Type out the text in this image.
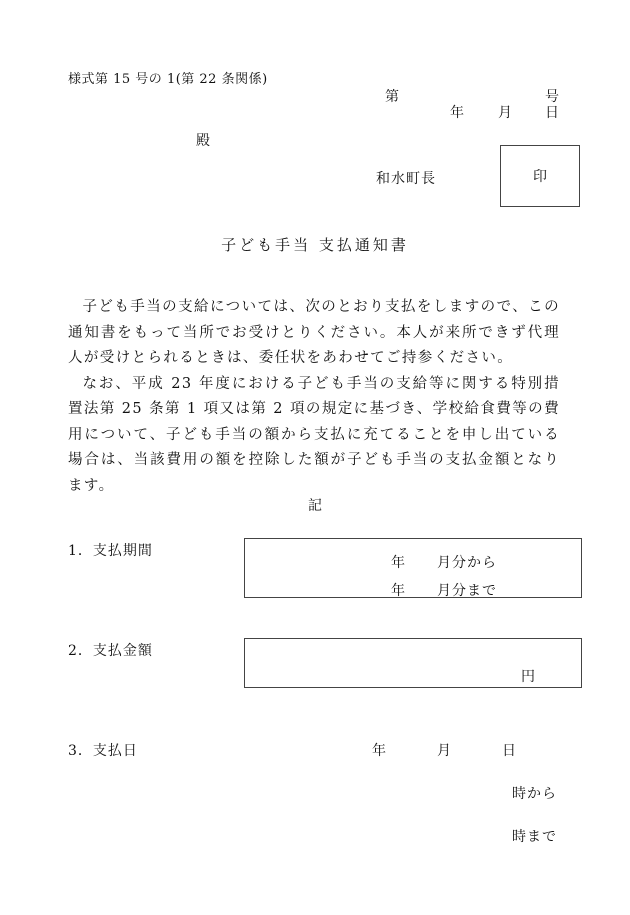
様式第 15 号の 1(第 22 条関係)
第	号
年 月 日
殿
和水町長	印
子ども手当 支払通知書

子ども手当の支給については、次のとおり支払をしますので、この通知書をもって当所でお受けとりください。本人が来所できず代理人が受けとられるときは、委任状をあわせてご持参ください。

なお、平成 23 年度における子ども手当の支給等に関する特別措置法第 25 条第 1 項又は第 2 項の規定に基づき、学校給食費等の費用について、子ども手当の額から支払に充てることを申し出ている場合は、当該費用の額を控除した額が子ども手当の支払金額となります。

記
1．支払期間
年 月分から
年 月分まで
2．支払金額
円
3．支払日	年	月	日
時から
時まで
